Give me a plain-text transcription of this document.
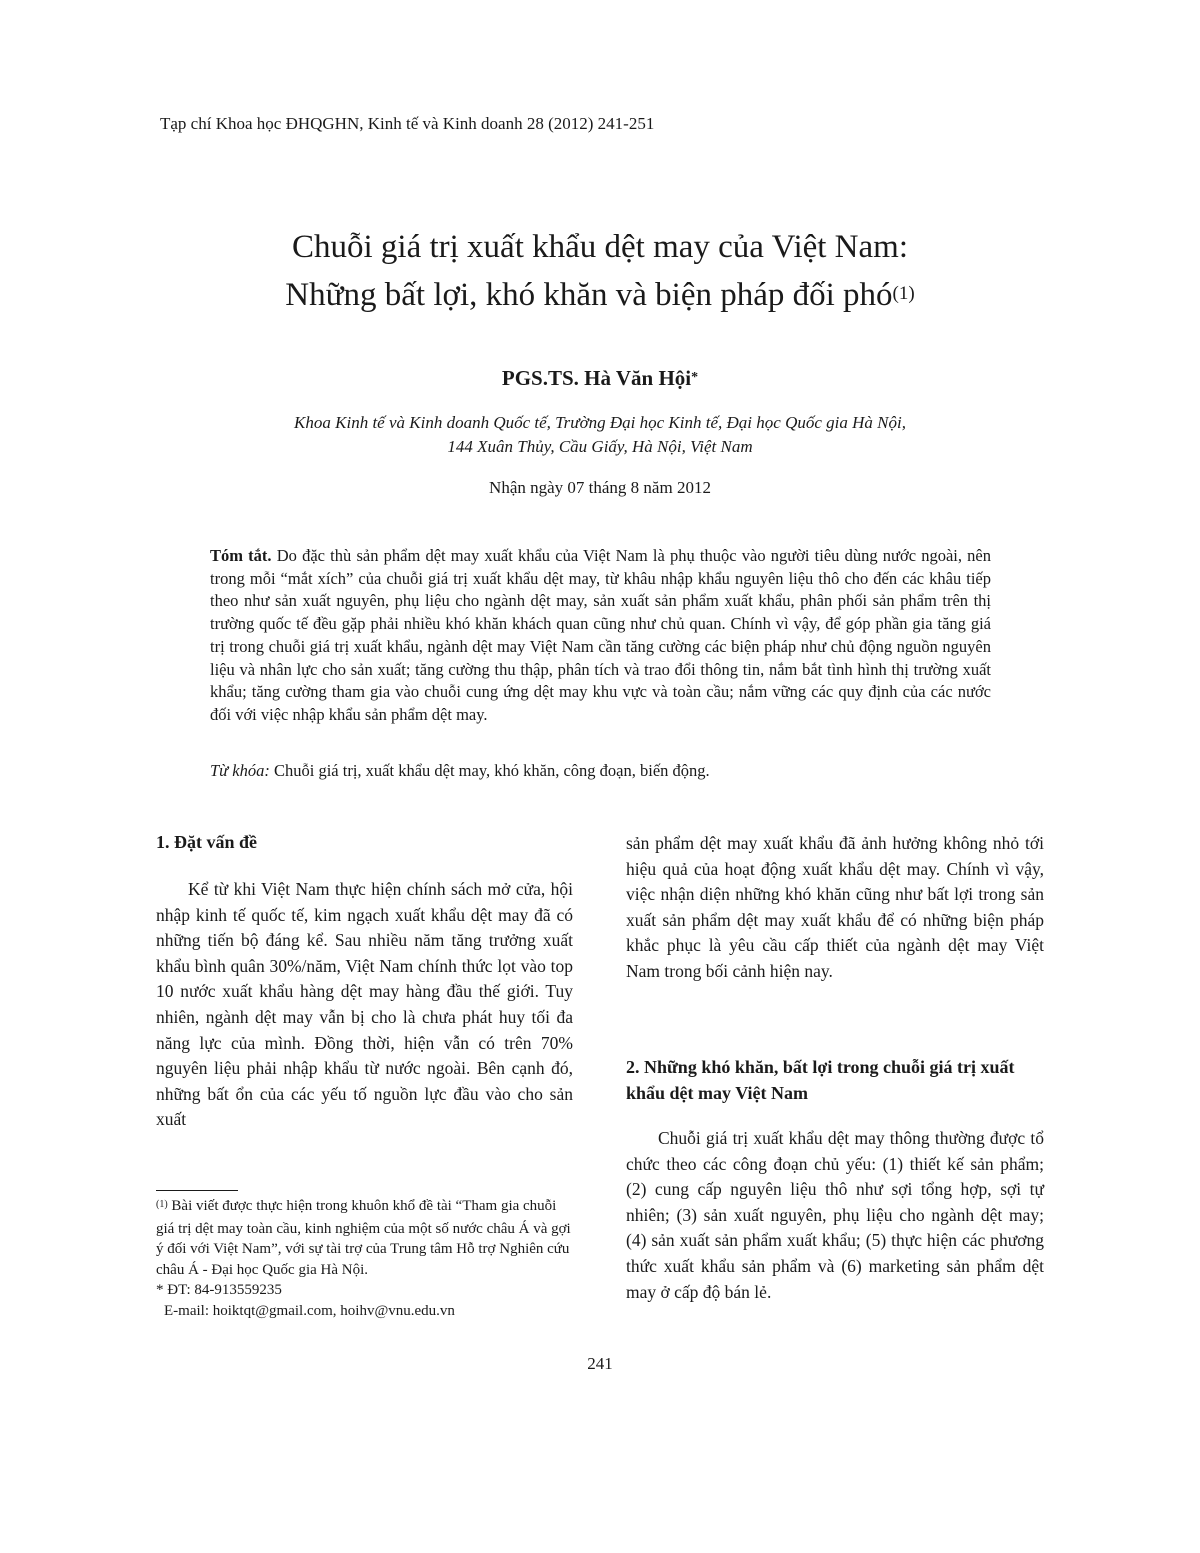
Tạp chí Khoa học ĐHQGHN, Kinh tế và Kinh doanh 28 (2012) 241-251
Chuỗi giá trị xuất khẩu dệt may của Việt Nam:
Những bất lợi, khó khăn và biện pháp đối phó$^{(1)}$
PGS.TS. Hà Văn Hội*
Khoa Kinh tế và Kinh doanh Quốc tế, Trường Đại học Kinh tế, Đại học Quốc gia Hà Nội,
144 Xuân Thủy, Cầu Giấy, Hà Nội, Việt Nam
Nhận ngày 07 tháng 8 năm 2012
Tóm tắt. Do đặc thù sản phẩm dệt may xuất khẩu của Việt Nam là phụ thuộc vào người tiêu dùng nước ngoài, nên trong mỗi “mắt xích” của chuỗi giá trị xuất khẩu dệt may, từ khâu nhập khẩu nguyên liệu thô cho đến các khâu tiếp theo như sản xuất nguyên, phụ liệu cho ngành dệt may, sản xuất sản phẩm xuất khẩu, phân phối sản phẩm trên thị trường quốc tế đều gặp phải nhiều khó khăn khách quan cũng như chủ quan. Chính vì vậy, để góp phần gia tăng giá trị trong chuỗi giá trị xuất khẩu, ngành dệt may Việt Nam cần tăng cường các biện pháp như chủ động nguồn nguyên liệu và nhân lực cho sản xuất; tăng cường thu thập, phân tích và trao đổi thông tin, nắm bắt tình hình thị trường xuất khẩu; tăng cường tham gia vào chuỗi cung ứng dệt may khu vực và toàn cầu; nắm vững các quy định của các nước đối với việc nhập khẩu sản phẩm dệt may.
Từ khóa: Chuỗi giá trị, xuất khẩu dệt may, khó khăn, công đoạn, biến động.
1. Đặt vấn đề

Kể từ khi Việt Nam thực hiện chính sách mở cửa, hội nhập kinh tế quốc tế, kim ngạch xuất khẩu dệt may đã có những tiến bộ đáng kể. Sau nhiều năm tăng trưởng xuất khẩu bình quân 30%/năm, Việt Nam chính thức lọt vào top 10 nước xuất khẩu hàng dệt may hàng đầu thế giới. Tuy nhiên, ngành dệt may vẫn bị cho là chưa phát huy tối đa năng lực của mình. Đồng thời, hiện vẫn có trên 70% nguyên liệu phải nhập khẩu từ nước ngoài. Bên cạnh đó, những bất ổn của các yếu tố nguồn lực đầu vào cho sản xuất

sản phẩm dệt may xuất khẩu đã ảnh hưởng không nhỏ tới hiệu quả của hoạt động xuất khẩu dệt may. Chính vì vậy, việc nhận diện những khó khăn cũng như bất lợi trong sản xuất sản phẩm dệt may xuất khẩu để có những biện pháp khắc phục là yêu cầu cấp thiết của ngành dệt may Việt Nam trong bối cảnh hiện nay.

2. Những khó khăn, bất lợi trong chuỗi giá trị xuất khẩu dệt may Việt Nam

Chuỗi giá trị xuất khẩu dệt may thông thường được tổ chức theo các công đoạn chủ yếu: (1) thiết kế sản phẩm; (2) cung cấp nguyên liệu thô như sợi tổng hợp, sợi tự nhiên; (3) sản xuất nguyên, phụ liệu cho ngành dệt may; (4) sản xuất sản phẩm xuất khẩu; (5) thực hiện các phương thức xuất khẩu sản phẩm và (6) marketing sản phẩm dệt may ở cấp độ bán lẻ.

$^{(1)}$ Bài viết được thực hiện trong khuôn khổ đề tài “Tham gia chuỗi giá trị dệt may toàn cầu, kinh nghiệm của một số nước châu Á và gợi ý đối với Việt Nam”, với sự tài trợ của Trung tâm Hỗ trợ Nghiên cứu châu Á - Đại học Quốc gia Hà Nội.
* ĐT: 84-913559235
E-mail: hoiktqt@gmail.com, hoihv@vnu.edu.vn
241
